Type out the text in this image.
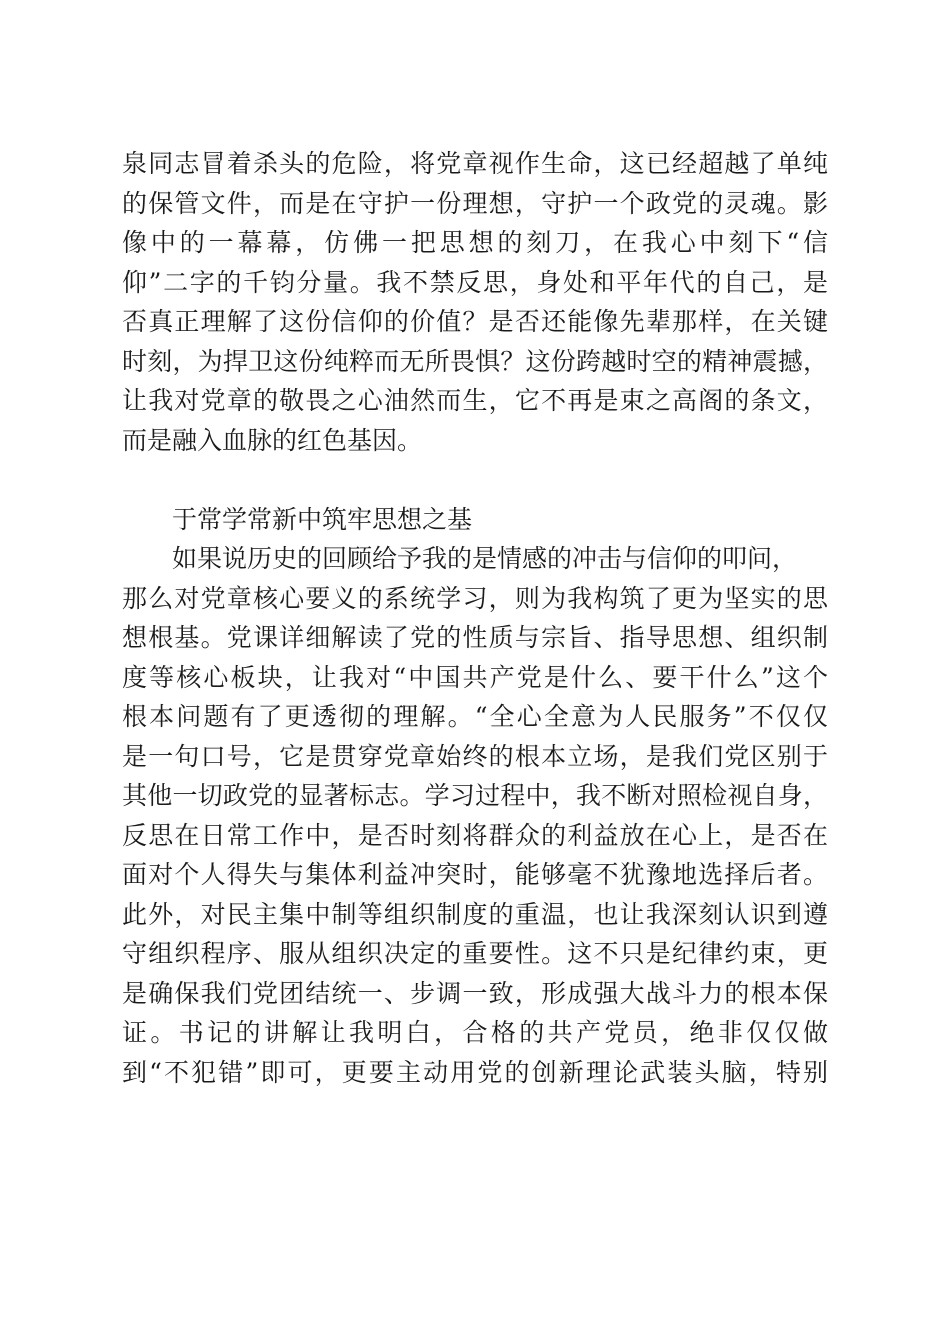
泉同志冒着杀头的危险，将党章视作生命，这已经超越了单纯
的保管文件，而是在守护一份理想，守护一个政党的灵魂。影
像中的一幕幕，仿佛一把思想的刻刀，在我心中刻下“信
仰”二字的千钧分量。我不禁反思，身处和平年代的自己，是
否真正理解了这份信仰的价值？是否还能像先辈那样，在关键
时刻，为捍卫这份纯粹而无所畏惧？这份跨越时空的精神震撼，
让我对党章的敬畏之心油然而生，它不再是束之高阁的条文，
而是融入血脉的红色基因。
于常学常新中筑牢思想之基
如果说历史的回顾给予我的是情感的冲击与信仰的叩问，
那么对党章核心要义的系统学习，则为我构筑了更为坚实的思
想根基。党课详细解读了党的性质与宗旨、指导思想、组织制
度等核心板块，让我对“中国共产党是什么、要干什么”这个
根本问题有了更透彻的理解。“全心全意为人民服务”不仅仅
是一句口号，它是贯穿党章始终的根本立场，是我们党区别于
其他一切政党的显著标志。学习过程中，我不断对照检视自身，
反思在日常工作中，是否时刻将群众的利益放在心上，是否在
面对个人得失与集体利益冲突时，能够毫不犹豫地选择后者。
此外，对民主集中制等组织制度的重温，也让我深刻认识到遵
守组织程序、服从组织决定的重要性。这不只是纪律约束，更
是确保我们党团结统一、步调一致，形成强大战斗力的根本保
证。书记的讲解让我明白，合格的共产党员，绝非仅仅做
到“不犯错”即可，更要主动用党的创新理论武装头脑，特别
